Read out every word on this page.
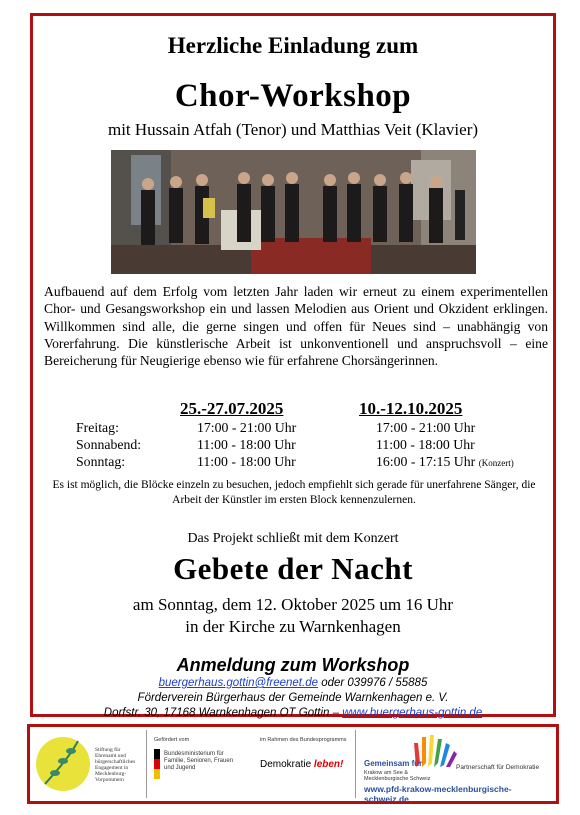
Herzliche Einladung zum
Chor-Workshop
mit Hussain Atfah (Tenor) und Matthias Veit (Klavier)
Aufbauend auf dem Erfolg vom letzten Jahr laden wir erneut zu einem experimentellen Chor- und Gesangsworkshop ein und lassen Melodien aus Orient und Okzident erklingen. Willkommen sind alle, die gerne singen und offen für Neues sind – unabhängig von Vorerfahrung. Die künstlerische Arbeit ist unkonventionell und anspruchsvoll – eine Bereicherung für Neugierige ebenso wie für erfahrene Chorsängerinnen.
25.-27.07.2025	10.-12.10.2025
Freitag:
Sonnabend:
Sonntag:
17:00 - 21:00 Uhr
11:00 - 18:00 Uhr
11:00 - 18:00 Uhr
17:00 - 21:00 Uhr
11:00 - 18:00 Uhr
16:00 - 17:15 Uhr (Konzert)
Es ist möglich, die Blöcke einzeln zu besuchen, jedoch empfiehlt sich gerade für unerfahrene Sänger, die Arbeit der Künstler im ersten Block kennenzulernen.
Das Projekt schließt mit dem Konzert
Gebete der Nacht
am Sonntag, dem 12. Oktober 2025 um 16 Uhr
in der Kirche zu Warnkenhagen
Anmeldung zum Workshop
buergerhaus.gottin@freenet.de oder 039976 / 55885
Förderverein Bürgerhaus der Gemeinde Warnkenhagen e. V.
Dorfstr. 30, 17168 Warnkenhagen OT Gottin – www.buergerhaus-gottin.de
Stiftung für Ehrenamt und bürgerschaftliches Engagement in Mecklenburg-Vorpommern
Gefördert vom
Bundesministerium für Familie, Senioren, Frauen und Jugend
im Rahmen des Bundesprogramms
Demokratie leben!	Gemeinsam für
Krakow am See & Mecklenburgische Schweiz
Partnerschaft für Demokratie
www.pfd-krakow-mecklenburgische-schweiz.de
